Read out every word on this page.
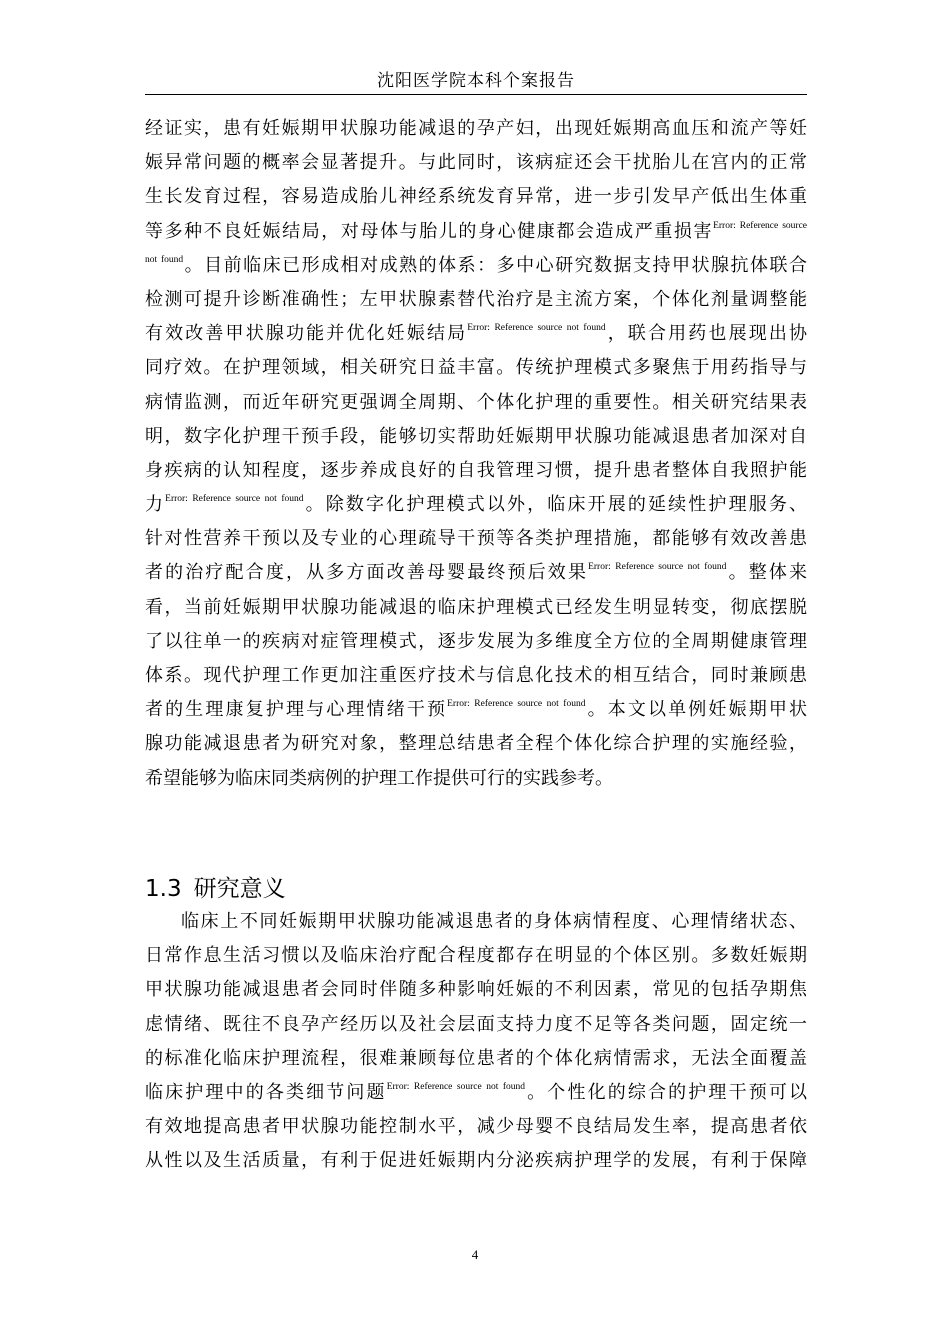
沈阳医学院本科个案报告
经证实，患有妊娠期甲状腺功能减退的孕产妇，出现妊娠期高血压和流产等妊
娠异常问题的概率会显著提升。与此同时，该病症还会干扰胎儿在宫内的正常
生长发育过程，容易造成胎儿神经系统发育异常，进一步引发早产低出生体重
等多种不良妊娠结局，对母体与胎儿的身心健康都会造成严重损害$^{Error: Reference source}$
$^{not found}$。目前临床已形成相对成熟的体系：多中心研究数据支持甲状腺抗体联合
检测可提升诊断准确性；左甲状腺素替代治疗是主流方案，个体化剂量调整能
有效改善甲状腺功能并优化妊娠结局$^{Error: Reference source not found}$，联合用药也展现出协
同疗效。在护理领域，相关研究日益丰富。传统护理模式多聚焦于用药指导与
病情监测，而近年研究更强调全周期、个体化护理的重要性。相关研究结果表
明，数字化护理干预手段，能够切实帮助妊娠期甲状腺功能减退患者加深对自
身疾病的认知程度，逐步养成良好的自我管理习惯，提升患者整体自我照护能
力$^{Error: Reference source not found}$。除数字化护理模式以外，临床开展的延续性护理服务、
针对性营养干预以及专业的心理疏导干预等各类护理措施，都能够有效改善患
者的治疗配合度，从多方面改善母婴最终预后效果$^{Error: Reference source not found}$。整体来
看，当前妊娠期甲状腺功能减退的临床护理模式已经发生明显转变，彻底摆脱
了以往单一的疾病对症管理模式，逐步发展为多维度全方位的全周期健康管理
体系。现代护理工作更加注重医疗技术与信息化技术的相互结合，同时兼顾患
者的生理康复护理与心理情绪干预$^{Error: Reference source not found}$。本文以单例妊娠期甲状
腺功能减退患者为研究对象，整理总结患者全程个体化综合护理的实施经验，
希望能够为临床同类病例的护理工作提供可行的实践参考。
1.3 研究意义
临床上不同妊娠期甲状腺功能减退患者的身体病情程度、心理情绪状态、
日常作息生活习惯以及临床治疗配合程度都存在明显的个体区别。多数妊娠期
甲状腺功能减退患者会同时伴随多种影响妊娠的不利因素，常见的包括孕期焦
虑情绪、既往不良孕产经历以及社会层面支持力度不足等各类问题，固定统一
的标准化临床护理流程，很难兼顾每位患者的个体化病情需求，无法全面覆盖
临床护理中的各类细节问题$^{Error: Reference source not found}$。个性化的综合的护理干预可以
有效地提高患者甲状腺功能控制水平，减少母婴不良结局发生率，提高患者依
从性以及生活质量，有利于促进妊娠期内分泌疾病护理学的发展，有利于保障
4
